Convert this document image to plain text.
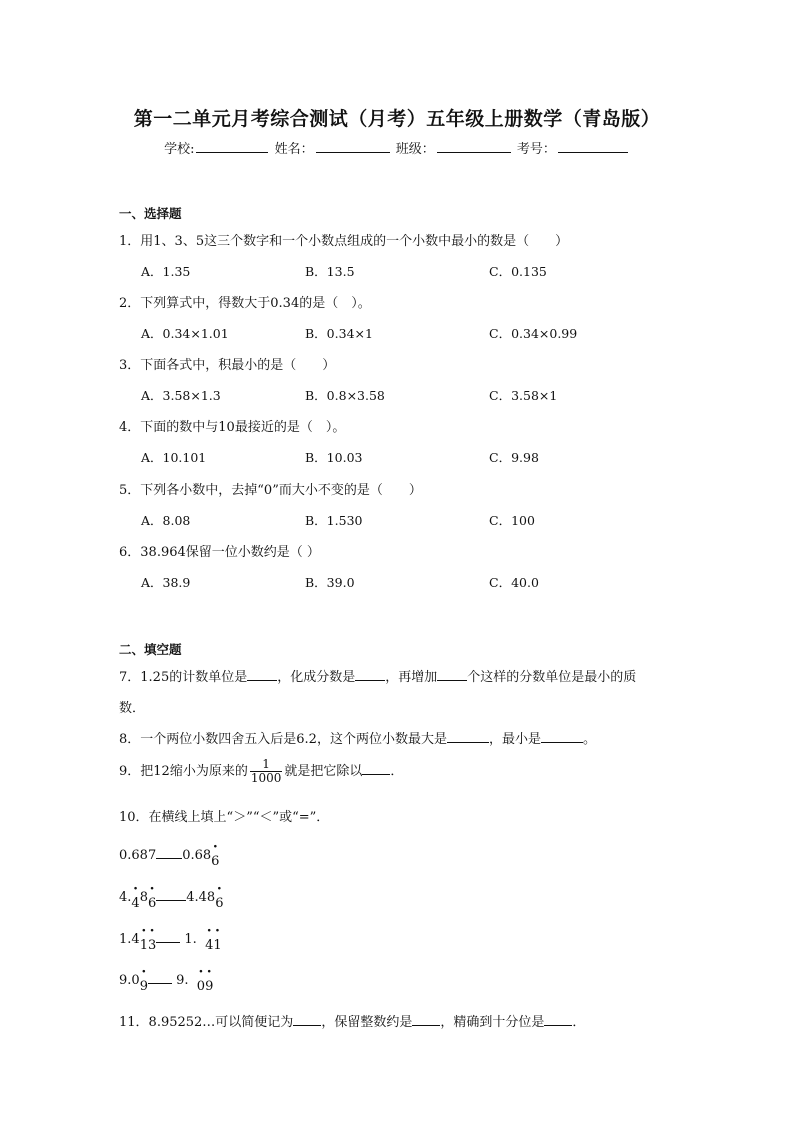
第一二单元月考综合测试（月考）五年级上册数学（青岛版）
学校:	姓名：	班级：	考号：
一、选择题
1．用1、3、5这三个数字和一个小数点组成的一个小数中最小的数是（　　）
A．1.35	B．13.5	C．0.135
2．下列算式中，得数大于0.34的是（　）。
A．0.34×1.01	B．0.34×1	C．0.34×0.99
3．下面各式中，积最小的是（　　）
A．3.58×1.3	B．0.8×3.58	C．3.58×1
4．下面的数中与10最接近的是（　）。
A．10.101	B．10.03	C．9.98
5．下列各小数中，去掉“0”而大小不变的是（　　）
A．8.08	B．1.530	C．100
6．38.964保留一位小数约是（ ）
A．38.9	B．39.0	C．40.0
二、填空题
7．1.25的计数单位是 ，化成分数是 ，再增加 个这样的分数单位是最小的质
数．
8．一个两位小数四舍五入后是6.2，这个两位小数最大是	，最小是	。
9．把12缩小为原来的 $\frac{1}{1000}$ 就是把它除以 ．
10．在横线上填上“＞”“＜”或“=”．
0.687 0.68· 6
4.· 48· 6 4.48· 6
1.4· 1· 3 1. · 4· 1
9.0· 9 9. · 0· 9
11．8.95252…可以简便记为 ，保留整数约是 ，精确到十分位是 ．
